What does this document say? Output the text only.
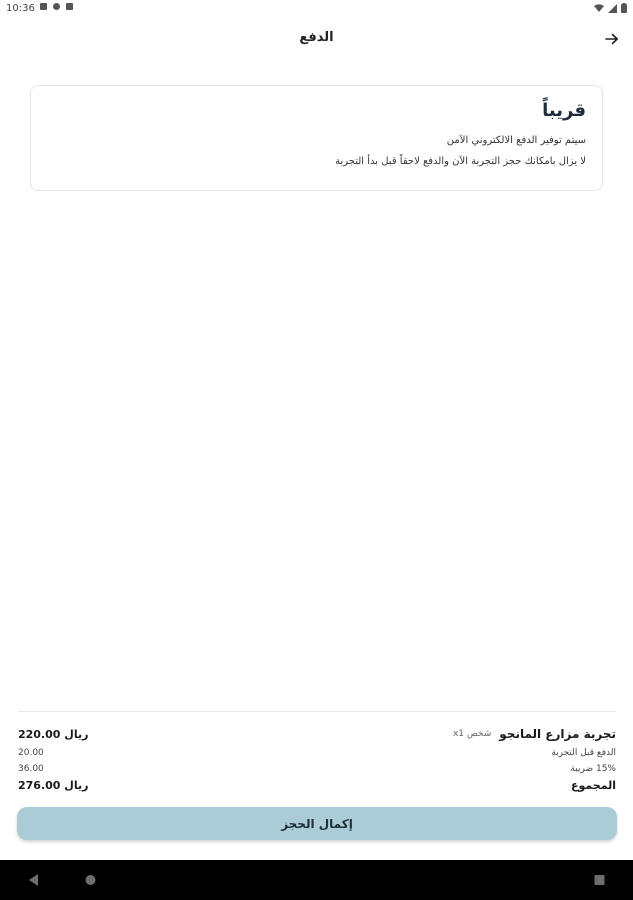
10:36
الدفع
قريباً
سيتم توفير الدفع الالكتروني الآمن
لا يزال بامكانك حجز التجربة الآن والدفع لاحقاً قبل بدأ التجربة
220.00 ريال	تجربة مزارع المانجو
شخص x1
20.00	الدفع قبل التجربة
36.00	15% ضريبة
276.00 ريال	المجموع
إكمال الحجز
